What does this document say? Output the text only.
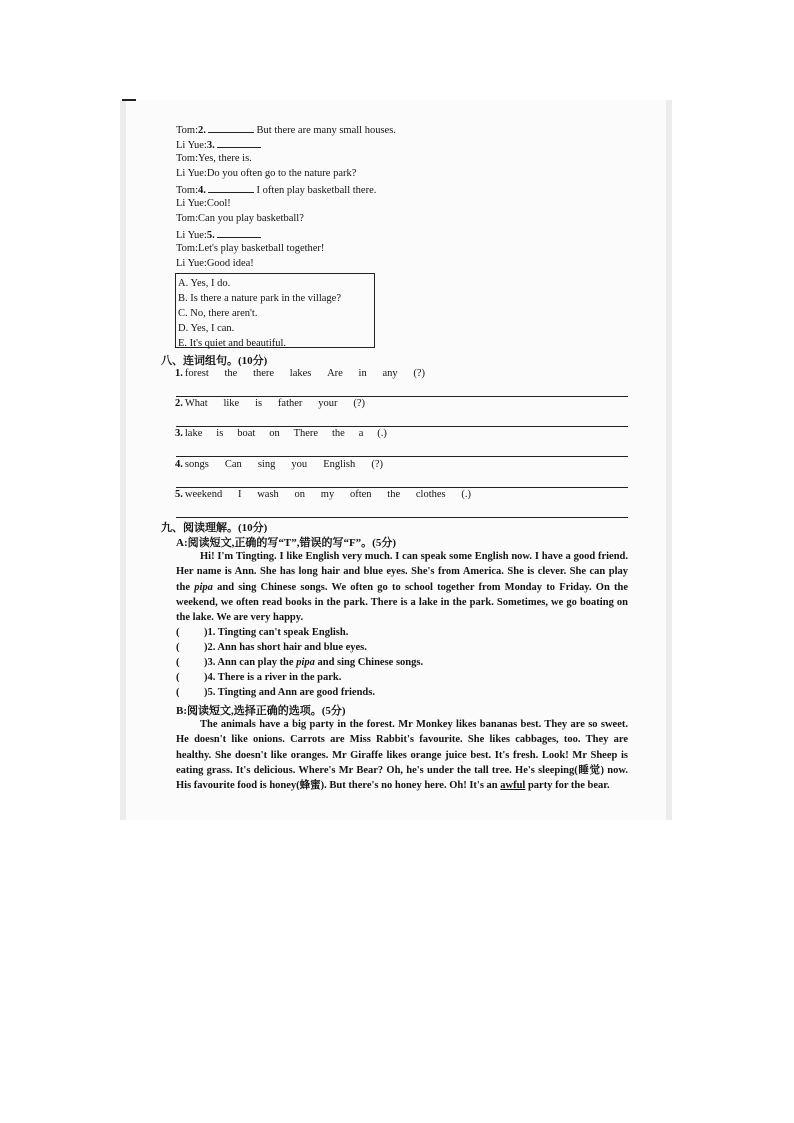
Tom:2.	But there are many small houses.
Li Yue:3.
Tom:Yes, there is.
Li Yue:Do you often go to the nature park?
Tom:4.	I often play basketball there.
Li Yue:Cool!
Tom:Can you play basketball?
Li Yue:5.
Tom:Let's play basketball together!
Li Yue:Good idea!
A. Yes, I do.
B. Is there a nature park in the village?
C. No, there aren't.
D. Yes, I can.
E. It's quiet and beautiful.
八、连词组句。(10分)
1. forest the there lakes Are in any (?)
2. What like is father your (?)
3. lake is boat on There the a (.)
4. songs Can sing you English (?)
5. weekend I wash on my often the clothes (.)
九、阅读理解。(10分)
A:阅读短文,正确的写“T”,错误的写“F”。(5分)

Hi! I'm Tingting. I like English very much. I can speak some English now. I have a good friend. Her name is Ann. She has long hair and blue eyes. She's from America. She is clever. She can play the pipa and sing Chinese songs. We often go to school together from Monday to Friday. On the weekend, we often read books in the park. There is a lake in the park. Sometimes, we go boating on the lake. We are very happy.

( )1. Tingting can't speak English.
( )2. Ann has short hair and blue eyes.
( )3. Ann can play the pipa and sing Chinese songs.
( )4. There is a river in the park.
( )5. Tingting and Ann are good friends.
B:阅读短文,选择正确的选项。(5分)

The animals have a big party in the forest. Mr Monkey likes bananas best. They are so sweet. He doesn't like onions. Carrots are Miss Rabbit's favourite. She likes cabbages, too. They are healthy. She doesn't like oranges. Mr Giraffe likes orange juice best. It's fresh. Look! Mr Sheep is eating grass. It's delicious. Where's Mr Bear? Oh, he's under the tall tree. He's sleeping(睡觉) now. His favourite food is honey(蜂蜜). But there's no honey here. Oh! It's an awful party for the bear.
